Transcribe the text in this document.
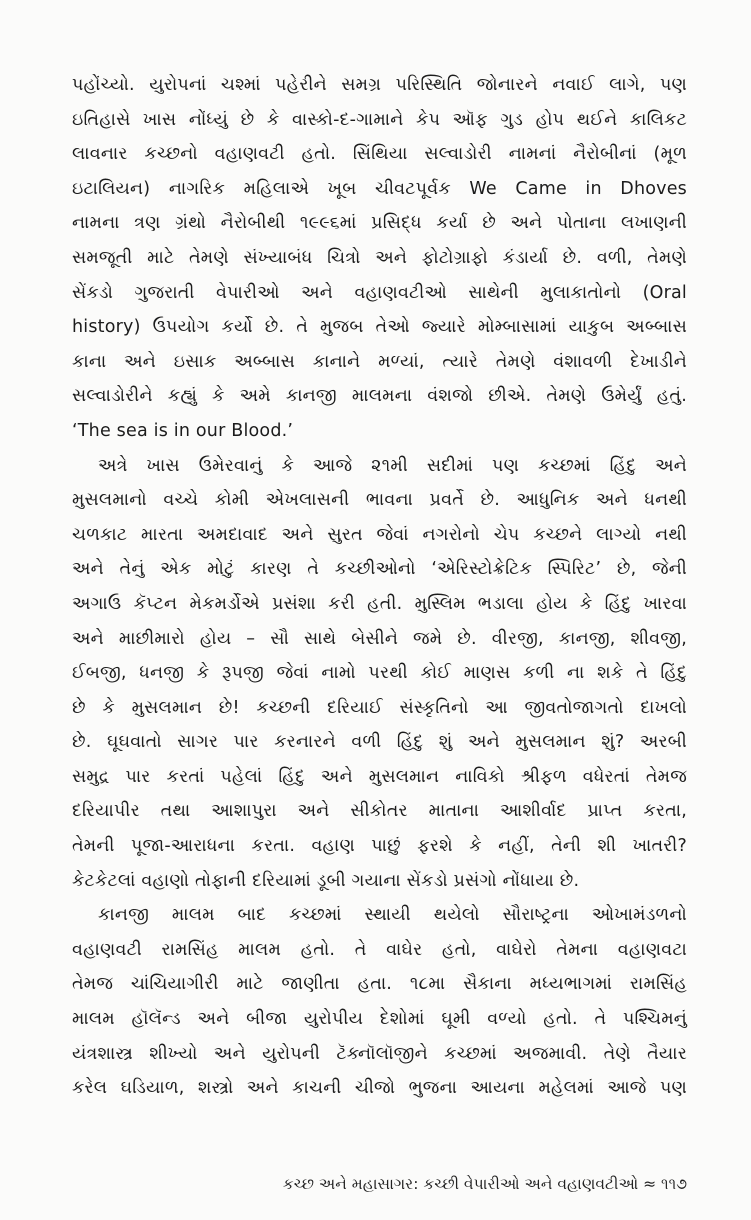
પહોંચ્યો. યુરોપનાં ચશ્માં પહેરીને સમગ્ર પરિસ્થિતિ જોનારને નવાઈ લાગે, પણ
ઇતિહાસે ખાસ નોંધ્યું છે કે વાસ્કો-દ-ગામાને કેપ ઑફ ગુડ હોપ થઈને કાલિકટ
લાવનાર કચ્છનો વહાણવટી હતો. સિંથિયા સલ્વાડોરી નામનાં નૈરોબીનાં (મૂળ
ઇટાલિયન) નાગરિક મહિલાએ ખૂબ ચીવટપૂર્વક We Came in Dhoves
નામના ત્રણ ગ્રંથો નૈરોબીથી ૧૯૯૬માં પ્રસિદ્ધ કર્યા છે અને પોતાના લખાણની
સમજૂતી માટે તેમણે સંખ્યાબંધ ચિત્રો અને ફોટોગ્રાફો કંડાર્યા છે. વળી, તેમણે
સેંકડો ગુજરાતી વેપારીઓ અને વહાણવટીઓ સાથેની મુલાકાતોનો (Oral
history) ઉપયોગ કર્યો છે. તે મુજબ તેઓ જ્યારે મોમ્બાસામાં યાકુબ અબ્બાસ
કાના અને ઇસાક અબ્બાસ કાનાને મળ્યાં, ત્યારે તેમણે વંશાવળી દેખાડીને
સલ્વાડોરીને કહ્યું કે અમે કાનજી માલમના વંશજો છીએ. તેમણે ઉમેર્યું હતું.
‘The sea is in our Blood.’
અત્રે ખાસ ઉમેરવાનું કે આજે ૨૧મી સદીમાં પણ કચ્છમાં હિંદુ અને
મુસલમાનો વચ્ચે કોમી એખલાસની ભાવના પ્રવર્તે છે. આધુનિક અને ધનથી
ચળકાટ મારતા અમદાવાદ અને સુરત જેવાં નગરોનો ચેપ કચ્છને લાગ્યો નથી
અને તેનું એક મોટું કારણ તે કચ્છીઓનો ‘એરિસ્ટોક્રેટિક સ્પિરિટ’ છે, જેની
અગાઉ કૅપ્ટન મેકમર્ડોએ પ્રસંશા કરી હતી. મુસ્લિમ ભડાલા હોય કે હિંદુ ખારવા
અને માછીમારો હોય – સૌ સાથે બેસીને જમે છે. વીરજી, કાનજી, શીવજી,
ઈબજી, ધનજી કે રૂપજી જેવાં નામો પરથી કોઈ માણસ કળી ના શકે તે હિંદુ
છે કે મુસલમાન છે! કચ્છની દરિયાઈ સંસ્કૃતિનો આ જીવતોજાગતો દાખલો
છે. ઘૂઘવાતો સાગર પાર કરનારને વળી હિંદુ શું અને મુસલમાન શું? અરબી
સમુદ્ર પાર કરતાં પહેલાં હિંદુ અને મુસલમાન નાવિકો શ્રીફળ વધેરતાં તેમજ
દરિયાપીર તથા આશાપુરા અને સીકોતર માતાના આશીર્વાદ પ્રાપ્ત કરતા,
તેમની પૂજા-આરાધના કરતા. વહાણ પાછું ફરશે કે નહીં, તેની શી ખાતરી?
કેટકેટલાં વહાણો તોફાની દરિયામાં ડૂબી ગયાના સેંકડો પ્રસંગો નોંધાયા છે.
કાનજી માલમ બાદ કચ્છમાં સ્થાયી થયેલો સૌરાષ્ટ્રના ઓખામંડળનો
વહાણવટી રામસિંહ માલમ હતો. તે વાઘેર હતો, વાઘેરો તેમના વહાણવટા
તેમજ ચાંચિયાગીરી માટે જાણીતા હતા. ૧૮મા સૈકાના મધ્યભાગમાં રામસિંહ
માલમ હૉલૅન્ડ અને બીજા યુરોપીય દેશોમાં ઘૂમી વળ્યો હતો. તે પશ્ચિમનું
યંત્રશાસ્ત્ર શીખ્યો અને યુરોપની ટૅક્નૉલૉજીને કચ્છમાં અજમાવી. તેણે તૈયાર
કરેલ ઘડિયાળ, શસ્ત્રો અને કાચની ચીજો ભુજના આયના મહેલમાં આજે પણ
કચ્છ અને મહાસાગર: કચ્છી વેપારીઓ અને વહાણવટીઓ ≈ ૧૧૭
